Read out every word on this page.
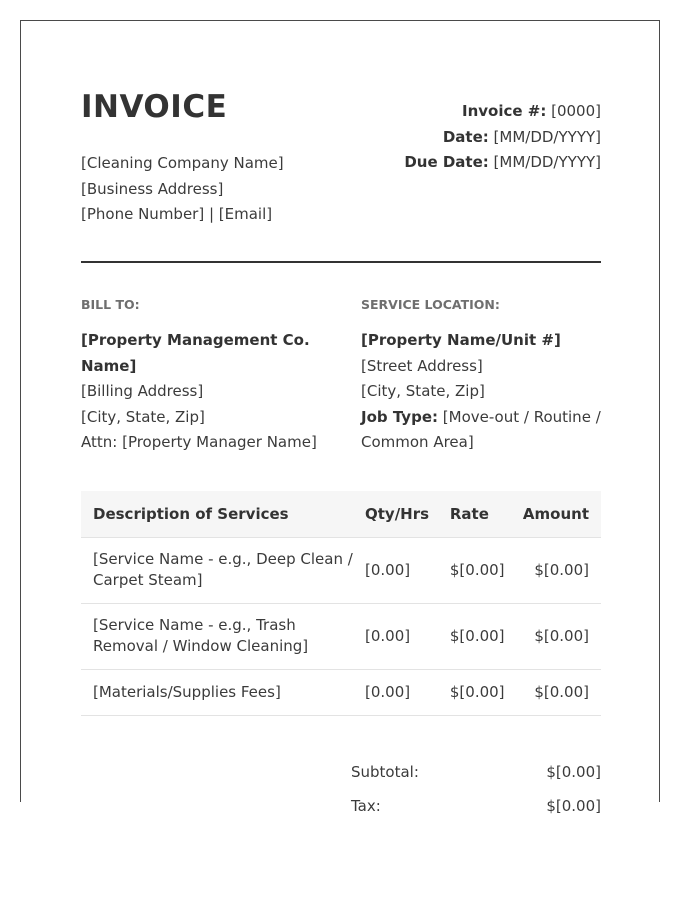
INVOICE
[Cleaning Company Name]
[Business Address]
[Phone Number] | [Email]
Invoice #: [0000]
Date: [MM/DD/YYYY]
Due Date: [MM/DD/YYYY]
BILL TO:
[Property Management Co. Name]
[Billing Address]
[City, State, Zip]
Attn: [Property Manager Name]
SERVICE LOCATION:
[Property Name/Unit #]
[Street Address]
[City, State, Zip]
Job Type: [Move-out / Routine / Common Area]
Description of Services	Qty/Hrs	Rate	Amount
[Service Name - e.g., Deep Clean / Carpet Steam]	[0.00]	$[0.00]	$[0.00]
[Service Name - e.g., Trash Removal / Window Cleaning]	[0.00]	$[0.00]	$[0.00]
[Materials/Supplies Fees]	[0.00]	$[0.00]	$[0.00]
Subtotal:	$[0.00]
Tax:	$[0.00]
